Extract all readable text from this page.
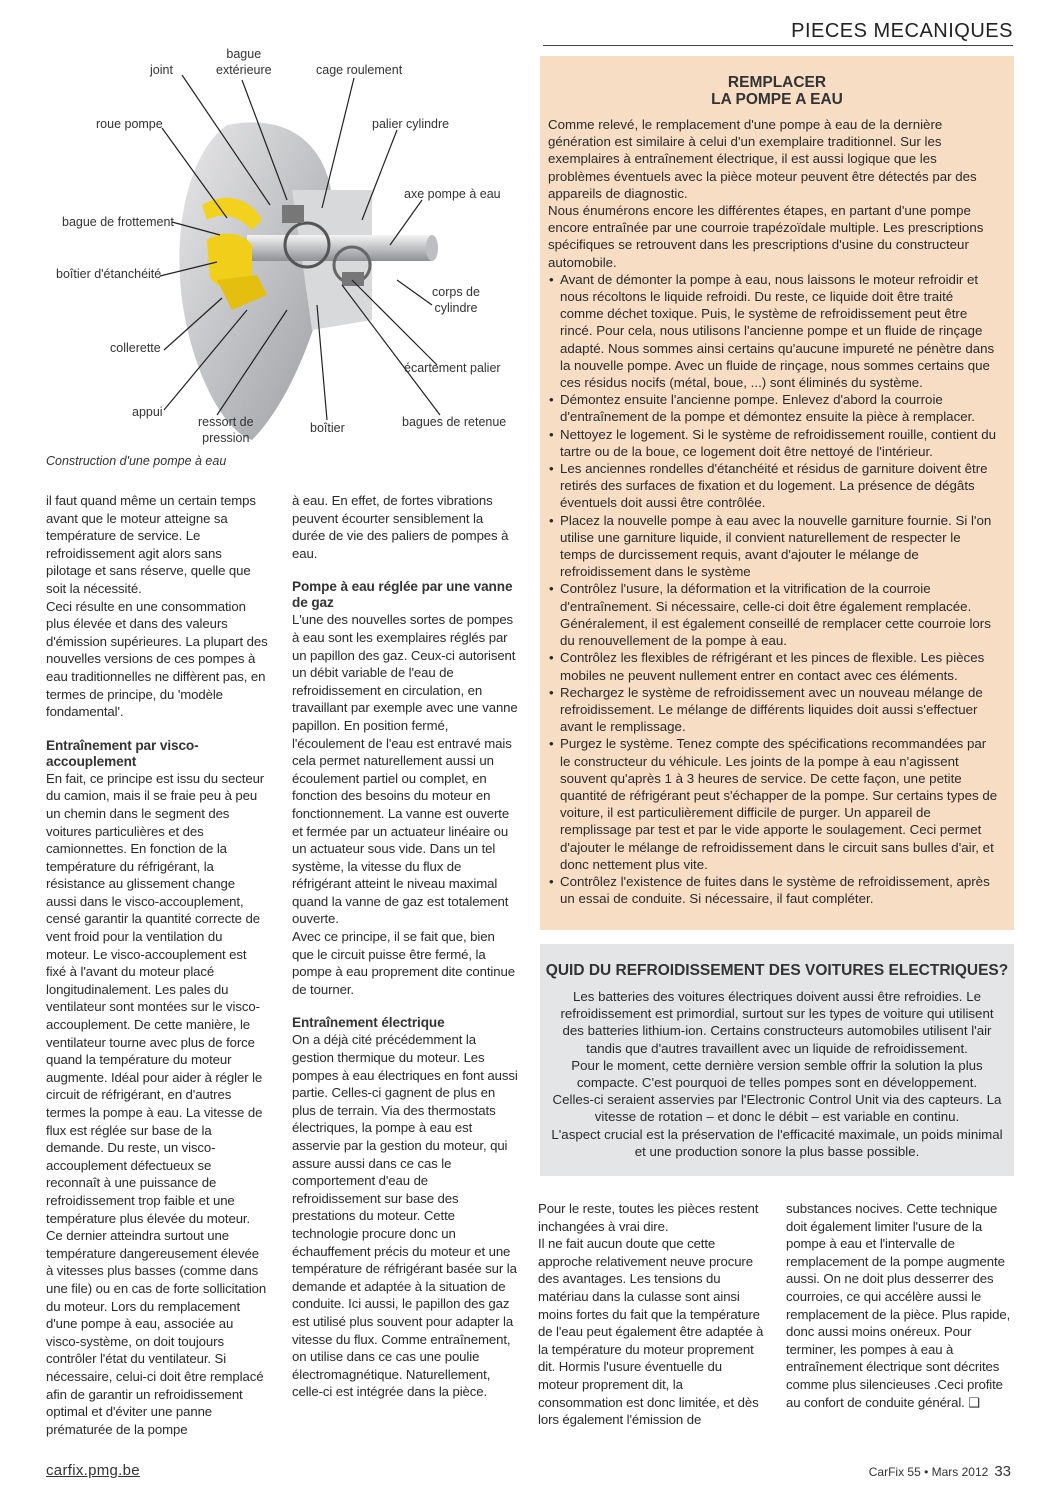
PIECES MECANIQUES
joint
bague
extérieure	cage roulement
roue pompe	palier cylindre
axe pompe à eau
bague de frottement
boîtier d'étanchéité
corps de
cylindre
collerette
écartement palier
appui
ressort de
pression
boîtier	bagues de retenue
Construction d'une pompe à eau

il faut quand même un certain temps avant que le moteur atteigne sa température de service. Le refroidissement agit alors sans pilotage et sans réserve, quelle que soit la nécessité.

Ceci résulte en une consommation plus élevée et dans des valeurs d'émission supérieures. La plupart des nouvelles versions de ces pompes à eau traditionnelles ne diffèrent pas, en termes de principe, du 'modèle fondamental'.

Entraînement par visco-accouplement

En fait, ce principe est issu du secteur du camion, mais il se fraie peu à peu un chemin dans le segment des voitures particulières et des camionnettes. En fonction de la température du réfrigérant, la résistance au glissement change aussi dans le visco-accouplement, censé garantir la quantité correcte de vent froid pour la ventilation du moteur. Le visco-accouplement est fixé à l'avant du moteur placé longitudinalement. Les pales du ventilateur sont montées sur le visco-accouplement. De cette manière, le ventilateur tourne avec plus de force quand la température du moteur augmente. Idéal pour aider à régler le circuit de réfrigérant, en d'autres termes la pompe à eau. La vitesse de flux est réglée sur base de la demande. Du reste, un visco-accouplement défectueux se reconnaît à une puissance de refroidissement trop faible et une température plus élevée du moteur. Ce dernier atteindra surtout une température dangereusement élevée à vitesses plus basses (comme dans une file) ou en cas de forte sollicitation du moteur. Lors du remplacement d'une pompe à eau, associée au visco-système, on doit toujours contrôler l'état du ventilateur. Si nécessaire, celui-ci doit être remplacé afin de garantir un refroidissement optimal et d'éviter une panne prématurée de la pompe

à eau. En effet, de fortes vibrations peuvent écourter sensiblement la durée de vie des paliers de pompes à eau.

Pompe à eau réglée par une vanne de gaz

L'une des nouvelles sortes de pompes à eau sont les exemplaires réglés par un papillon des gaz. Ceux-ci autorisent un débit variable de l'eau de refroidissement en circulation, en travaillant par exemple avec une vanne papillon. En position fermé, l'écoulement de l'eau est entravé mais cela permet naturellement aussi un écoulement partiel ou complet, en fonction des besoins du moteur en fonctionnement. La vanne est ouverte et fermée par un actuateur linéaire ou un actuateur sous vide. Dans un tel système, la vitesse du flux de réfrigérant atteint le niveau maximal quand la vanne de gaz est totalement ouverte.

Avec ce principe, il se fait que, bien que le circuit puisse être fermé, la pompe à eau proprement dite continue de tourner.

Entraînement électrique

On a déjà cité précédemment la gestion thermique du moteur. Les pompes à eau électriques en font aussi partie. Celles-ci gagnent de plus en plus de terrain. Via des thermostats électriques, la pompe à eau est asservie par la gestion du moteur, qui assure aussi dans ce cas le comportement d'eau de refroidissement sur base des prestations du moteur. Cette technologie procure donc un échauffement précis du moteur et une température de réfrigérant basée sur la demande et adaptée à la situation de conduite. Ici aussi, le papillon des gaz est utilisé plus souvent pour adapter la vitesse du flux. Comme entraînement, on utilise dans ce cas une poulie électromagnétique. Naturellement, celle-ci est intégrée dans la pièce.

REMPLACER
LA POMPE A EAU

Comme relevé, le remplacement d'une pompe à eau de la dernière génération est similaire à celui d'un exemplaire traditionnel. Sur les exemplaires à entraînement électrique, il est aussi logique que les problèmes éventuels avec la pièce moteur peuvent être détectés par des appareils de diagnostic.

Nous énumérons encore les différentes étapes, en partant d'une pompe encore entraînée par une courroie trapézoïdale multiple. Les prescriptions spécifiques se retrouvent dans les prescriptions d'usine du constructeur automobile.

• Avant de démonter la pompe à eau, nous laissons le moteur refroidir et nous récoltons le liquide refroidi. Du reste, ce liquide doit être traité comme déchet toxique. Puis, le système de refroidissement peut être rincé. Pour cela, nous utilisons l'ancienne pompe et un fluide de rinçage adapté. Nous sommes ainsi certains qu'aucune impureté ne pénètre dans la nouvelle pompe. Avec un fluide de rinçage, nous sommes certains que ces résidus nocifs (métal, boue, ...) sont éliminés du système.
• Démontez ensuite l'ancienne pompe. Enlevez d'abord la courroie d'entraînement de la pompe et démontez ensuite la pièce à remplacer.
• Nettoyez le logement. Si le système de refroidissement rouille, contient du tartre ou de la boue, ce logement doit être nettoyé de l'intérieur.
• Les anciennes rondelles d'étanchéité et résidus de garniture doivent être retirés des surfaces de fixation et du logement. La présence de dégâts éventuels doit aussi être contrôlée.
• Placez la nouvelle pompe à eau avec la nouvelle garniture fournie. Si l'on utilise une garniture liquide, il convient naturellement de respecter le temps de durcissement requis, avant d'ajouter le mélange de refroidissement dans le système
• Contrôlez l'usure, la déformation et la vitrification de la courroie d'entraînement. Si nécessaire, celle-ci doit être également remplacée. Généralement, il est également conseillé de remplacer cette courroie lors du renouvellement de la pompe à eau.
• Contrôlez les flexibles de réfrigérant et les pinces de flexible. Les pièces mobiles ne peuvent nullement entrer en contact avec ces éléments.
• Rechargez le système de refroidissement avec un nouveau mélange de refroidissement. Le mélange de différents liquides doit aussi s'effectuer avant le remplissage.
• Purgez le système. Tenez compte des spécifications recommandées par le constructeur du véhicule. Les joints de la pompe à eau n'agissent souvent qu'après 1 à 3 heures de service. De cette façon, une petite quantité de réfrigérant peut s'échapper de la pompe. Sur certains types de voiture, il est particulièrement difficile de purger. Un appareil de remplissage par test et par le vide apporte le soulagement. Ceci permet d'ajouter le mélange de refroidissement dans le circuit sans bulles d'air, et donc nettement plus vite.
• Contrôlez l'existence de fuites dans le système de refroidissement, après un essai de conduite. Si nécessaire, il faut compléter.
QUID DU REFROIDISSEMENT DES VOITURES ELECTRIQUES?
Les batteries des voitures électriques doivent aussi être refroidies. Le refroidissement est primordial, surtout sur les types de voiture qui utilisent des batteries lithium-ion. Certains constructeurs automobiles utilisent l'air tandis que d'autres travaillent avec un liquide de refroidissement.
Pour le moment, cette dernière version semble offrir la solution la plus compacte. C'est pourquoi de telles pompes sont en développement.
Celles-ci seraient asservies par l'Electronic Control Unit via des capteurs. La vitesse de rotation – et donc le débit – est variable en continu.
L'aspect crucial est la préservation de l'efficacité maximale, un poids minimal et une production sonore la plus basse possible.

Pour le reste, toutes les pièces restent inchangées à vrai dire.

Il ne fait aucun doute que cette approche relativement neuve procure des avantages. Les tensions du matériau dans la culasse sont ainsi moins fortes du fait que la température de l'eau peut également être adaptée à la température du moteur proprement dit. Hormis l'usure éventuelle du moteur proprement dit, la consommation est donc limitée, et dès lors également l'émission de

substances nocives. Cette technique doit également limiter l'usure de la pompe à eau et l'intervalle de remplacement de la pompe augmente aussi. On ne doit plus desserrer des courroies, ce qui accélère aussi le remplacement de la pièce. Plus rapide, donc aussi moins onéreux. Pour terminer, les pompes à eau à entraînement électrique sont décrites comme plus silencieuses .Ceci profite au confort de conduite général. ❑

carfix.pmg.be	CarFix 55 • Mars 2012 33
